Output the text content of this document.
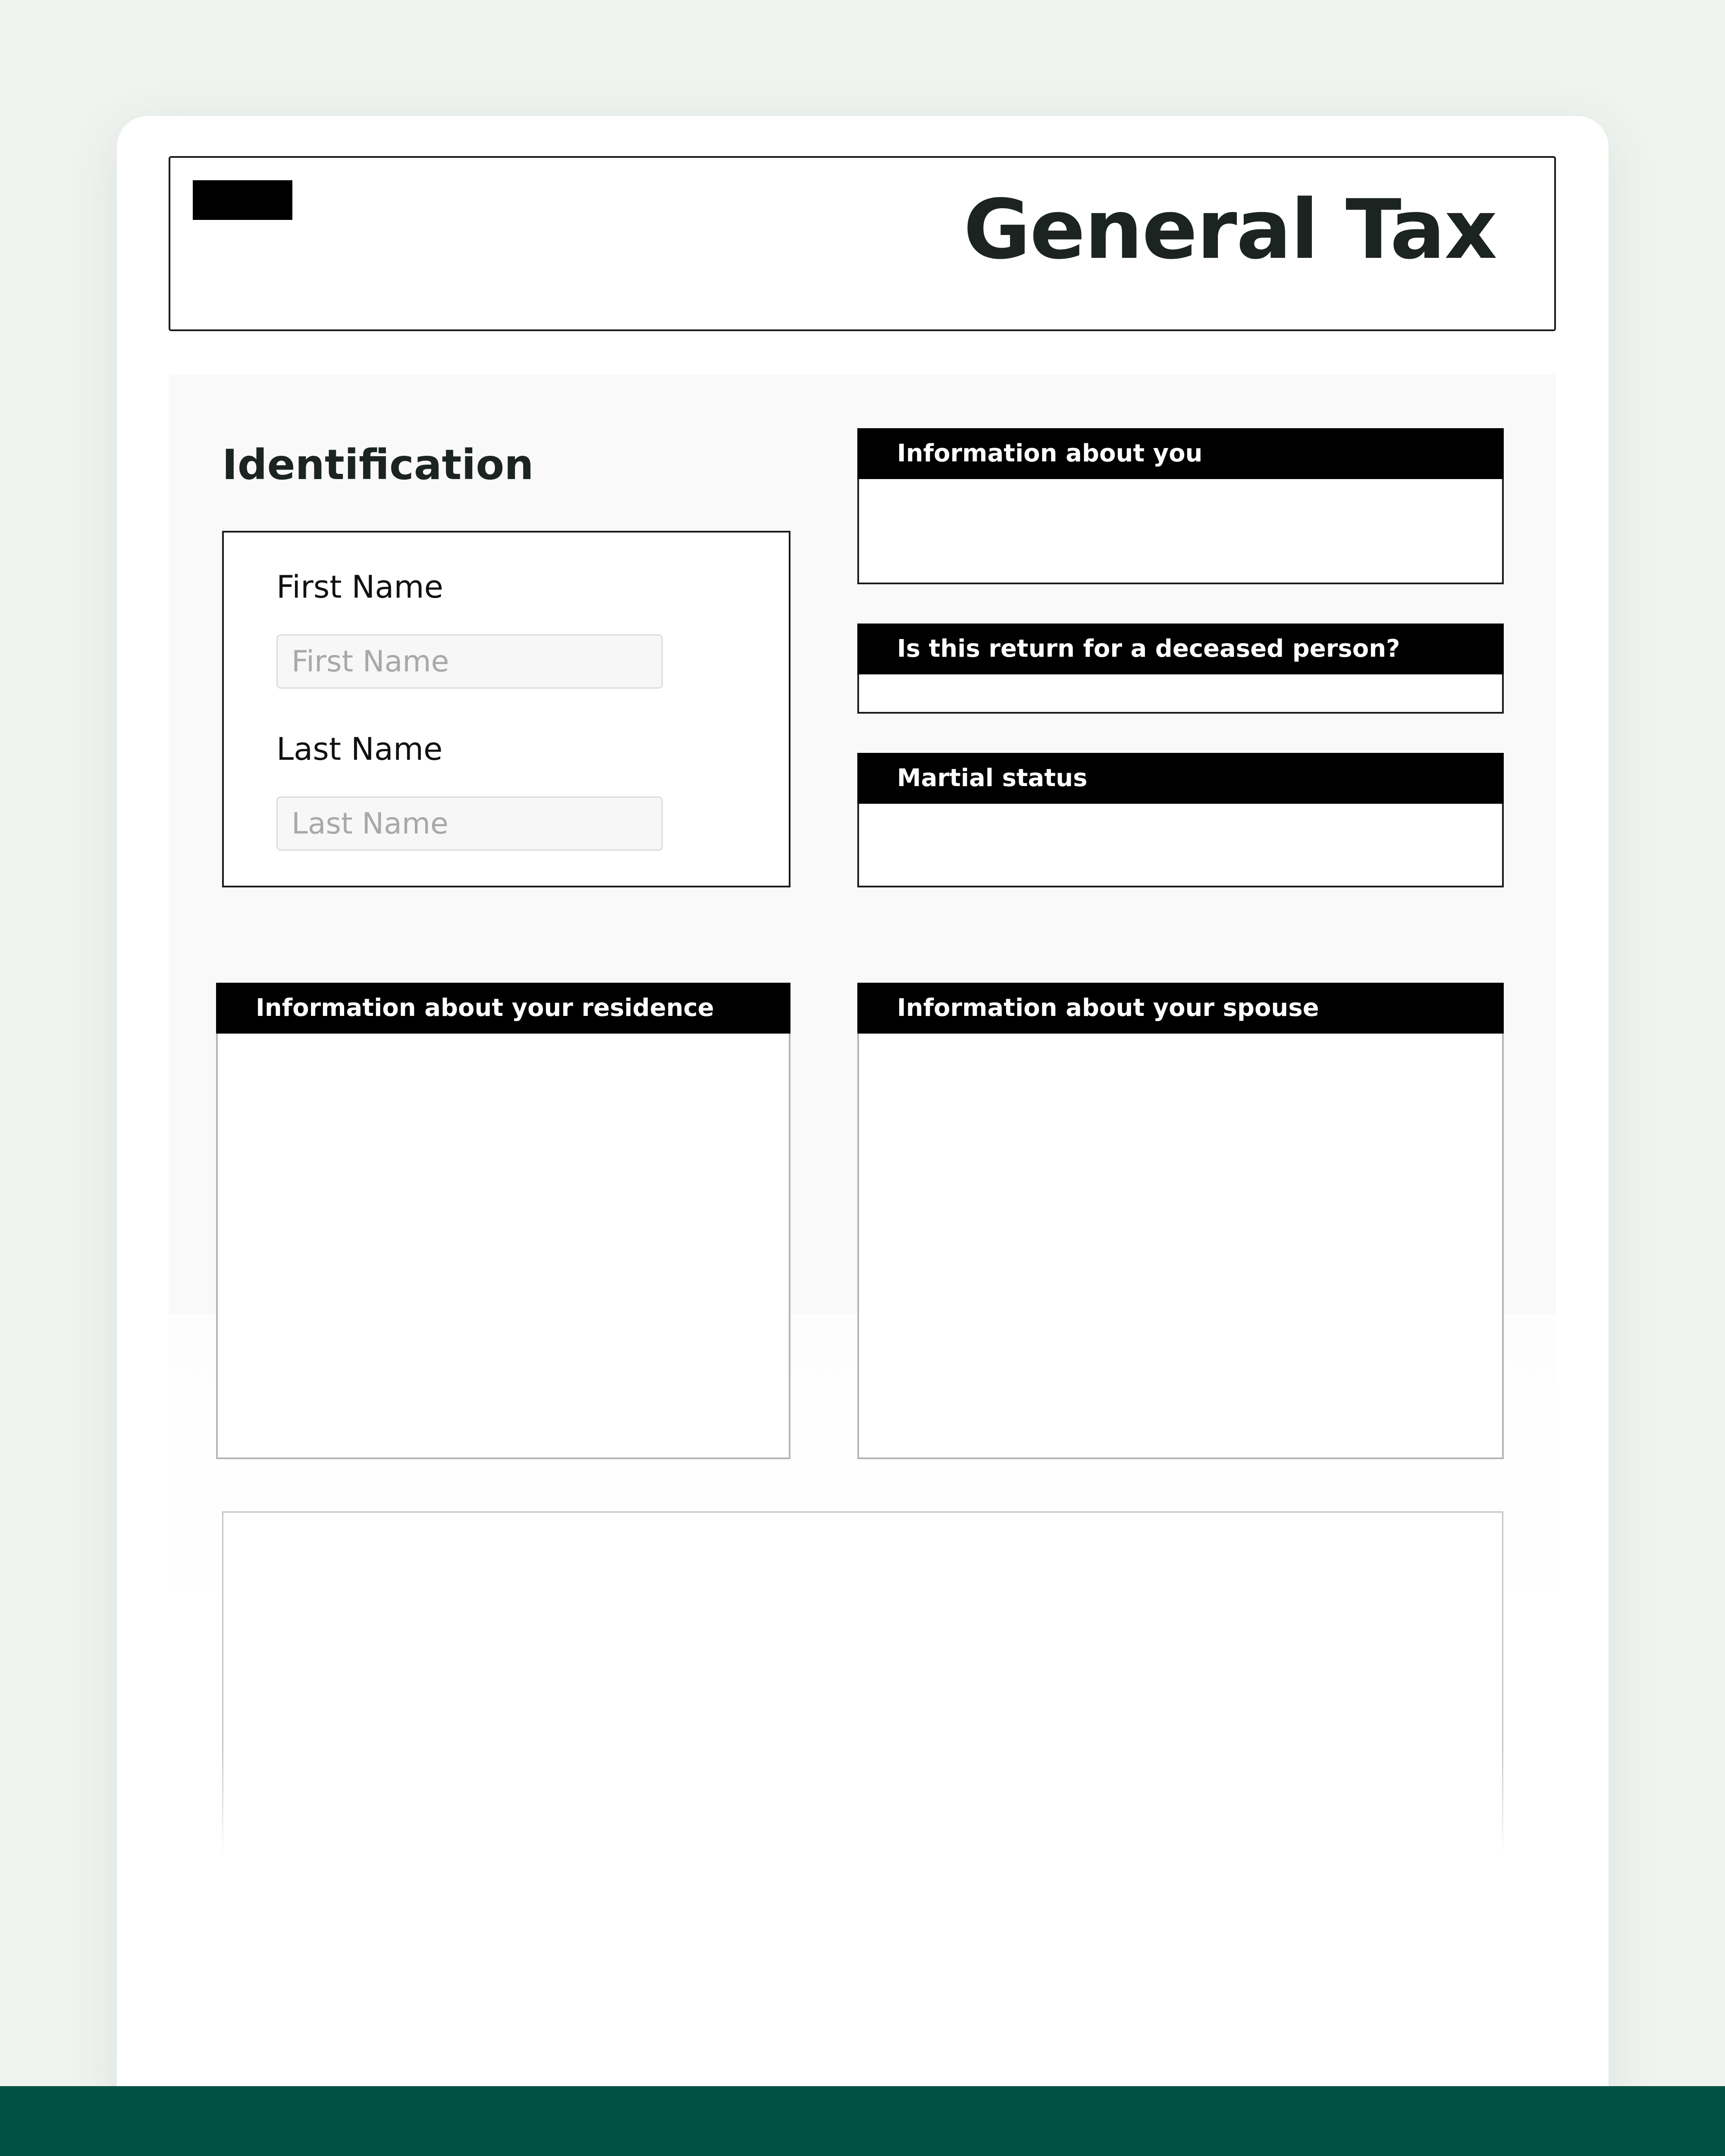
General Tax
Identification

First Name

First Name

Last Name

Last Name
Information about you
Is this return for a deceased person?
Martial status
Information about your residence	Information about your spouse
